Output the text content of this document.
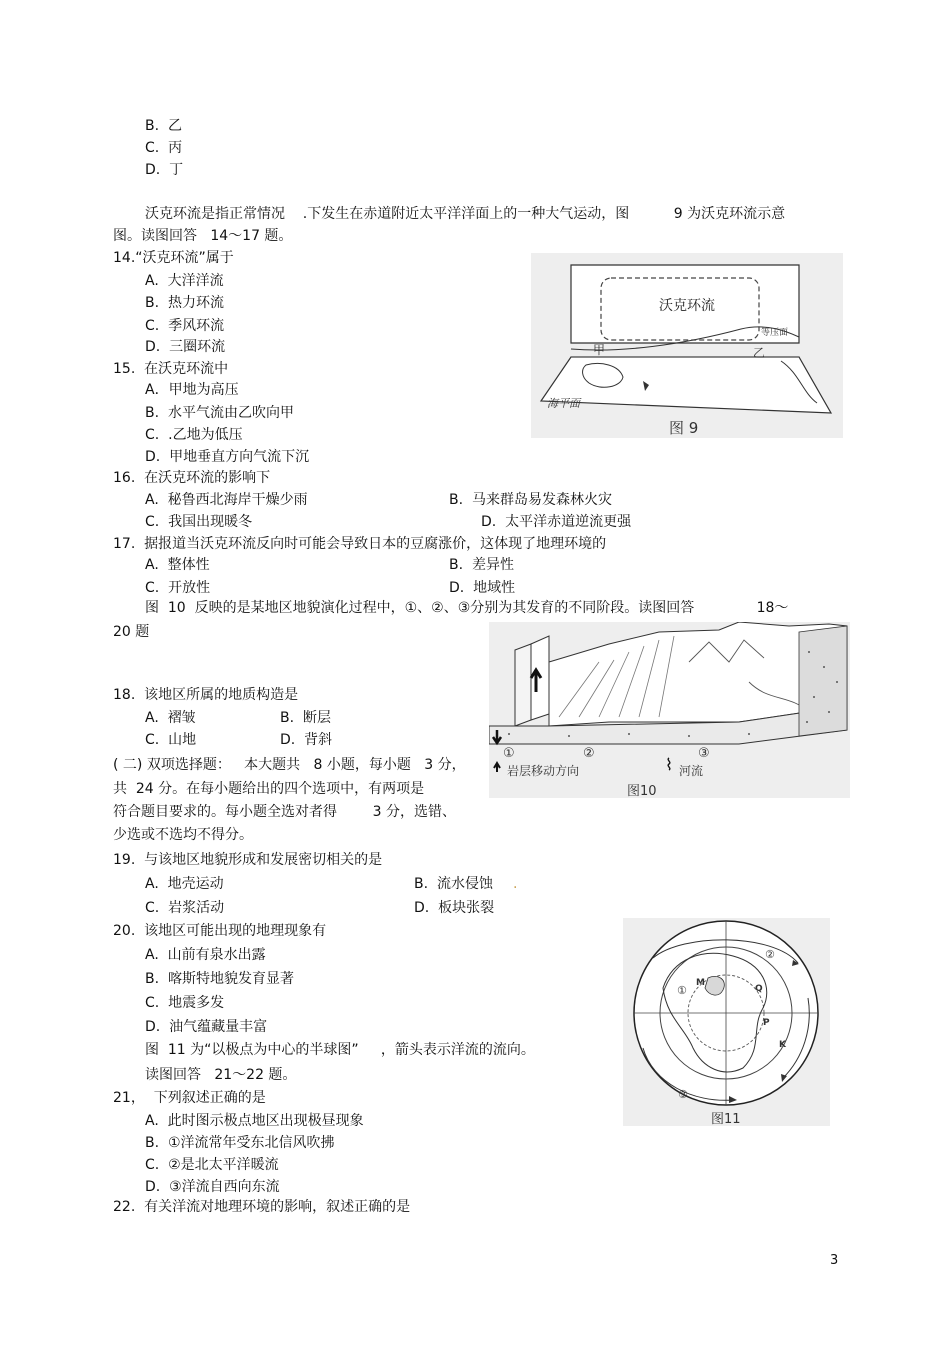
B.  乙
C.  丙
D.  丁
沃克环流是指正常情况    .下发生在赤道附近太平洋洋面上的一种大气运动，图          9 为沃克环流示意
图。读图回答   14～17 题。
14.“沃克环流”属于
A.  大洋洋流
B.  热力环流
C.  季风环流
D.  三圈环流
15.  在沃克环流中
A．甲地为高压
B.  水平气流由乙吹向甲
C.  .乙地为低压
D.  甲地垂直方向气流下沉
16.  在沃克环流的影响下
A.  秘鲁西北海岸干燥少雨	B.  马来群岛易发森林火灾
C.  我国出现暖冬	D.  太平洋赤道逆流更强
17.  据报道当沃克环流反向时可能会导致日本的豆腐涨价，这体现了地理环境的
A.  整体性	B.  差异性
C.  开放性	D.  地域性
图  10  反映的是某地区地貌演化过程中，①、②、③分别为其发育的不同阶段。读图回答              18～
20 题
18.  该地区所属的地质构造是
A.  褶皱	B.  断层
C.  山地	D.  背斜
( 二) 双项选择题：   本大题共   8 小题，每小题   3 分，
共  24 分。在每小题给出的四个选项中，有两项是
符合题目要求的。每小题全选对者得        3 分，选错、
少选或不选均不得分。
19.  与该地区地貌形成和发展密切相关的是
A.  地壳运动	B.  流水侵蚀 .
C.  岩浆活动	D.  板块张裂
20.  该地区可能出现的地理现象有
A.  山前有泉水出露
B.  喀斯特地貌发育显著
C.  地震多发
D.  油气蕴藏量丰富
图  11 为“以极点为中心的半球图”     ，箭头表示洋流的流向。
读图回答   21～22 题。
21，  下列叙述正确的是
A.  此时图示极点地区出现极昼现象
B.  ①洋流常年受东北信风吹拂
C.  ②是北太平洋暖流
D.  ③洋流自西向东流
22.  有关洋流对地理环境的影响，叙述正确的是
沃克环流
等压面
甲	乙
海平面
图 9
①	②	③
岩层移动方向	河流
图10
M
Q
P
K
①
②
③
图11
3
